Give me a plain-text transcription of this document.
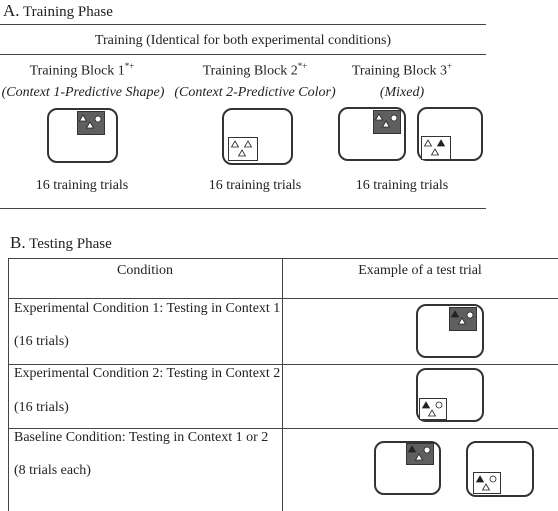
A. Training Phase
Training (Identical for both experimental conditions)
Training Block 1*+
(Context 1-Predictive Shape)
16 training trials
Training Block 2*+
(Context 2-Predictive Color)
16 training trials
Training Block 3+
(Mixed)
16 training trials
B. Testing Phase
Condition	Example of a test trial
Experimental Condition 1: Testing in Context 1
(16 trials)
Experimental Condition 2: Testing in Context 2
(16 trials)
Baseline Condition: Testing in Context 1 or 2
(8 trials each)
